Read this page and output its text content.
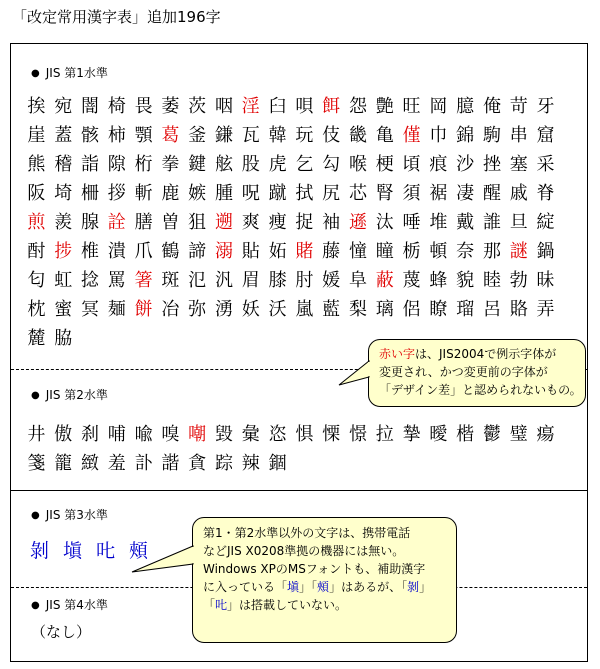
「改定常用漢字表」追加196字
● JIS 第1水準
挨 宛 闇 椅 畏 萎 茨 咽 淫 臼 唄 餌 怨 艶 旺 岡 臆 俺 苛 牙
崖 蓋 骸 柿 顎 葛 釜 鎌 瓦 韓 玩 伎 畿 亀 僅 巾 錦 駒 串 窟
熊 稽 詣 隙 桁 拳 鍵 舷 股 虎 乞 勾 喉 梗 頃 痕 沙 挫 塞 采
阪 埼 柵 拶 斬 鹿 嫉 腫 呪 蹴 拭 尻 芯 腎 須 裾 凄 醒 戚 脊
煎 羨 腺 詮 膳 曽 狙 遡 爽 痩 捉 袖 遜 汰 唾 堆 戴 誰 旦 綻
酎 捗 椎 潰 爪 鶴 諦 溺 貼 妬 賭 藤 憧 瞳 栃 頓 奈 那 謎 鍋
匂 虹 捻 罵 箸 斑 氾 汎 眉 膝 肘 媛 阜 蔽 蔑 蜂 貌 睦 勃 昧
枕 蜜 冥 麺 餅 冶 弥 湧 妖 沃 嵐 藍 梨 璃 侶 瞭 瑠 呂 賂 弄
麓 脇
● JIS 第2水準
井 傲 刹 哺 喩 嗅 嘲 毀 彙 恣 惧 慄 憬 拉 摯 曖 楷 鬱 璧 瘍
箋 籠 緻 羞 訃 諧 貪 踪 辣 錮
● JIS 第3水準
剝 塡 𠮟 頰
● JIS 第4水準
（なし）
赤い字は、JIS2004で例示字体が
変更され、かつ変更前の字体が
「デザイン差」と認められないもの。
第1・第2水準以外の文字は、携帯電話
などJIS X0208準拠の機器には無い。
Windows XPのMSフォントも、補助漢字
に入っている「塡」「頰」はあるが、「剝」
「𠮟」は搭載していない。
